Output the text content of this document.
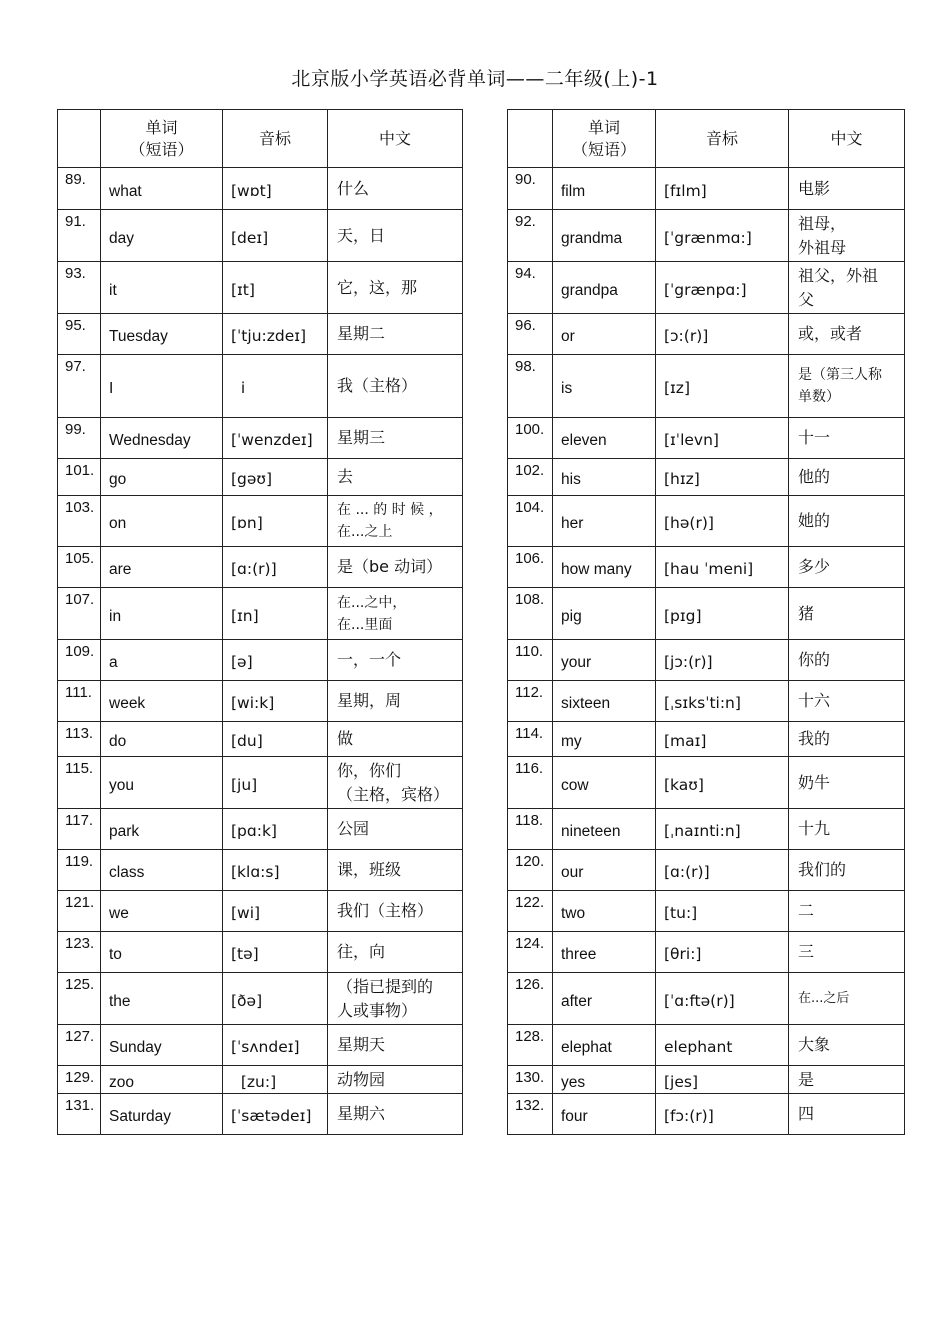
北京版小学英语必背单词——二年级(上)-1
	单词
（短语）	音标	中文
89.	what	[wɒt]	什么
91.	day	[deɪ]	天，日
93.	it	[ɪt]	它，这，那
95.	Tuesday	[ˈtju:zdeɪ]	星期二
97.	I	i	我（主格）
99.	Wednesday	[ˈwenzdeɪ]	星期三
101.	go	[gəʊ]	去
103.	on	[ɒn]	在 ... 的 时 候 ，
在...之上
105.	are	[ɑ:(r)]	是（be 动词）
107.	in	[ɪn]	在...之中，
在...里面
109.	a	[ə]	一，一个
111.	week	[wi:k]	星期，周
113.	do	[du]	做
115.	you	[ju]	你，你们
（主格，宾格）
117.	park	[pɑ:k]	公园
119.	class	[klɑ:s]	课，班级
121.	we	[wi]	我们（主格）
123.	to	[tə]	往，向
125.	the	[ðə]	（指已提到的
人或事物）
127.	Sunday	[ˈsʌndeɪ]	星期天
129.	zoo	[zu:]	动物园
131.	Saturday	[ˈsætədeɪ]	星期六
	单词
（短语）	音标	中文
90.	film	[fɪlm]	电影
92.	grandma	[ˈgrænmɑ:]	祖母，
外祖母
94.	grandpa	[ˈgrænpɑ:]	祖父，外祖
父
96.	or	[ɔ:(r)]	或，或者
98.	is	[ɪz]	是（第三人称
单数）
100.	eleven	[ɪˈlevn]	十一
102.	his	[hɪz]	他的
104.	her	[hə(r)]	她的
106.	how many	[hau ˈmeni]	多少
108.	pig	[pɪg]	猪
110.	your	[jɔ:(r)]	你的
112.	sixteen	[ˌsɪksˈti:n]	十六
114.	my	[maɪ]	我的
116.	cow	[kaʊ]	奶牛
118.	nineteen	[ˌnaɪnti:n]	十九
120.	our	[ɑ:(r)]	我们的
122.	two	[tu:]	二
124.	three	[θri:]	三
126.	after	[ˈɑ:ftə(r)]	在...之后
128.	elephat	elephant	大象
130.	yes	[jes]	是
132.	four	[fɔ:(r)]	四
